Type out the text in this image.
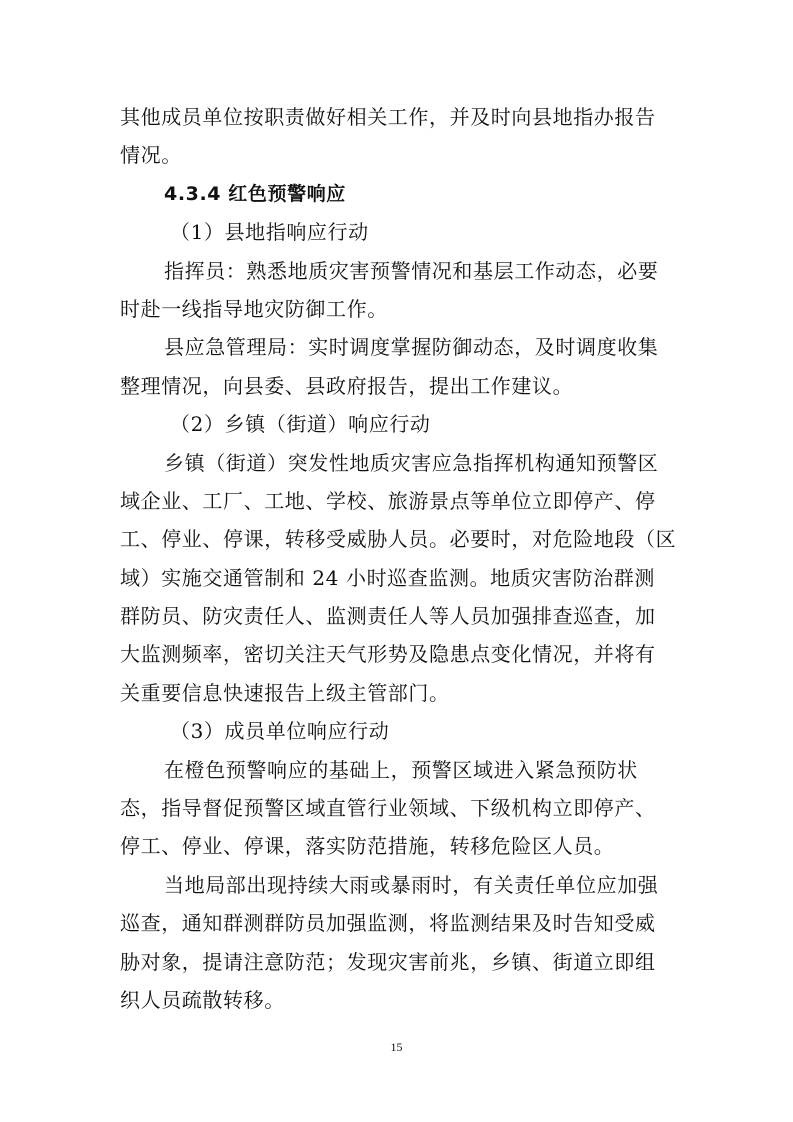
其他成员单位按职责做好相关工作，并及时向县地指办报告
情况。
4.3.4 红色预警响应
（1）县地指响应行动
指挥员：熟悉地质灾害预警情况和基层工作动态，必要
时赴一线指导地灾防御工作。
县应急管理局：实时调度掌握防御动态，及时调度收集
整理情况，向县委、县政府报告，提出工作建议。
（2）乡镇（街道）响应行动
乡镇（街道）突发性地质灾害应急指挥机构通知预警区
域企业、工厂、工地、学校、旅游景点等单位立即停产、停
工、停业、停课，转移受威胁人员。必要时，对危险地段（区
域）实施交通管制和 24 小时巡查监测。地质灾害防治群测
群防员、防灾责任人、监测责任人等人员加强排查巡查，加
大监测频率，密切关注天气形势及隐患点变化情况，并将有
关重要信息快速报告上级主管部门。
（3）成员单位响应行动
在橙色预警响应的基础上，预警区域进入紧急预防状
态，指导督促预警区域直管行业领域、下级机构立即停产、
停工、停业、停课，落实防范措施，转移危险区人员。
当地局部出现持续大雨或暴雨时，有关责任单位应加强
巡查，通知群测群防员加强监测，将监测结果及时告知受威
胁对象，提请注意防范；发现灾害前兆，乡镇、街道立即组
织人员疏散转移。
15
